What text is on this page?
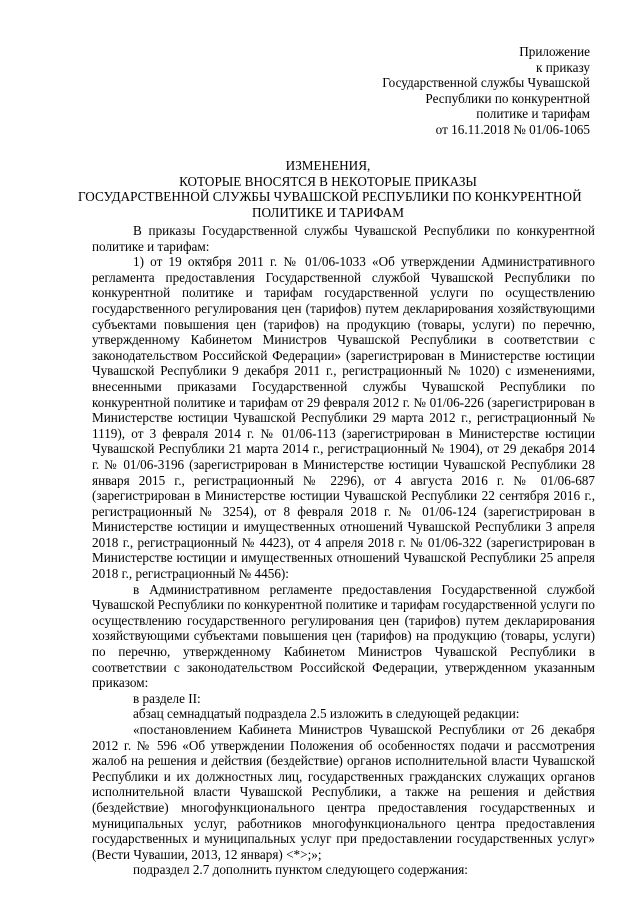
Приложение
к приказу
Государственной службы Чувашской
Республики по конкурентной
политике и тарифам
от 16.11.2018 № 01/06-1065
ИЗМЕНЕНИЯ,
КОТОРЫЕ ВНОСЯТСЯ В НЕКОТОРЫЕ ПРИКАЗЫ
ГОСУДАРСТВЕННОЙ СЛУЖБЫ ЧУВАШСКОЙ РЕСПУБЛИКИ ПО КОНКУРЕНТНОЙ
ПОЛИТИКЕ И ТАРИФАМ

В приказы Государственной службы Чувашской Республики по конкурентной политике и тарифам:

1) от 19 октября 2011 г. № 01/06-1033 «Об утверждении Административного регламента предоставления Государственной службой Чувашской Республики по конкурентной политике и тарифам государственной услуги по осуществлению государственного регулирования цен (тарифов) путем декларирования хозяйствующими субъектами повышения цен (тарифов) на продукцию (товары, услуги) по перечню, утвержденному Кабинетом Министров Чувашской Республики в соответствии с законодательством Российской Федерации» (зарегистрирован в Министерстве юстиции Чувашской Республики 9 декабря 2011 г., регистрационный № 1020) с изменениями, внесенными приказами Государственной службы Чувашской Республики по конкурентной политике и тарифам от 29 февраля 2012 г. № 01/06-226 (зарегистрирован в Министерстве юстиции Чувашской Республики 29 марта 2012 г., регистрационный № 1119), от 3 февраля 2014 г. № 01/06-113 (зарегистрирован в Министерстве юстиции Чувашской Республики 21 марта 2014 г., регистрационный № 1904), от 29 декабря 2014 г. № 01/06-3196 (зарегистрирован в Министерстве юстиции Чувашской Республики 28 января 2015 г., регистрационный № 2296), от 4 августа 2016 г. № 01/06-687 (зарегистрирован в Министерстве юстиции Чувашской Республики 22 сентября 2016 г., регистрационный № 3254), от 8 февраля 2018 г. № 01/06-124 (зарегистрирован в Министерстве юстиции и имущественных отношений Чувашской Республики 3 апреля 2018 г., регистрационный № 4423), от 4 апреля 2018 г. № 01/06-322 (зарегистрирован в Министерстве юстиции и имущественных отношений Чувашской Республики 25 апреля 2018 г., регистрационный № 4456):

в Административном регламенте предоставления Государственной службой Чувашской Республики по конкурентной политике и тарифам государственной услуги по осуществлению государственного регулирования цен (тарифов) путем декларирования хозяйствующими субъектами повышения цен (тарифов) на продукцию (товары, услуги) по перечню, утвержденному Кабинетом Министров Чувашской Республики в соответствии с законодательством Российской Федерации, утвержденном указанным приказом:

в разделе II:

абзац семнадцатый подраздела 2.5 изложить в следующей редакции:

«постановлением Кабинета Министров Чувашской Республики от 26 декабря 2012 г. № 596 «Об утверждении Положения об особенностях подачи и рассмотрения жалоб на решения и действия (бездействие) органов исполнительной власти Чувашской Республики и их должностных лиц, государственных гражданских служащих органов исполнительной власти Чувашской Республики, а также на решения и действия (бездействие) многофункционального центра предоставления государственных и муниципальных услуг, работников многофункционального центра предоставления государственных и муниципальных услуг при предоставлении государственных услуг» (Вести Чувашии, 2013, 12 января) <*>;»;

подраздел 2.7 дополнить пунктом следующего содержания:
